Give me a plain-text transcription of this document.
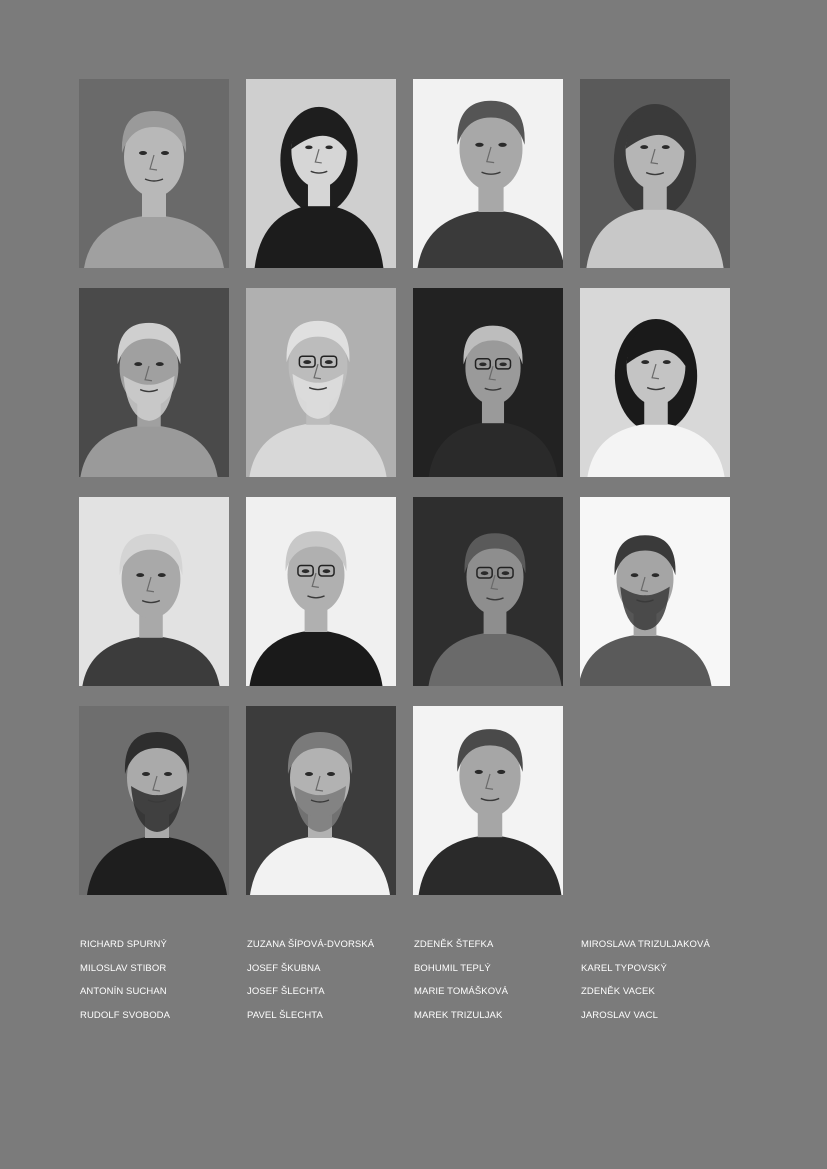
RICHARD SPURNÝ	ZUZANA ŠÍPOVÁ-DVORSKÁ	ZDENĚK ŠTEFKA	MIROSLAVA TRIZULJAKOVÁ
MILOSLAV STIBOR	JOSEF ŠKUBNA	BOHUMIL TEPLÝ	KAREL TYPOVSKÝ
ANTONÍN SUCHAN	JOSEF ŠLECHTA	MARIE TOMÁŠKOVÁ	ZDENĚK VACEK
RUDOLF SVOBODA	PAVEL ŠLECHTA	MAREK TRIZULJAK	JAROSLAV VACL
